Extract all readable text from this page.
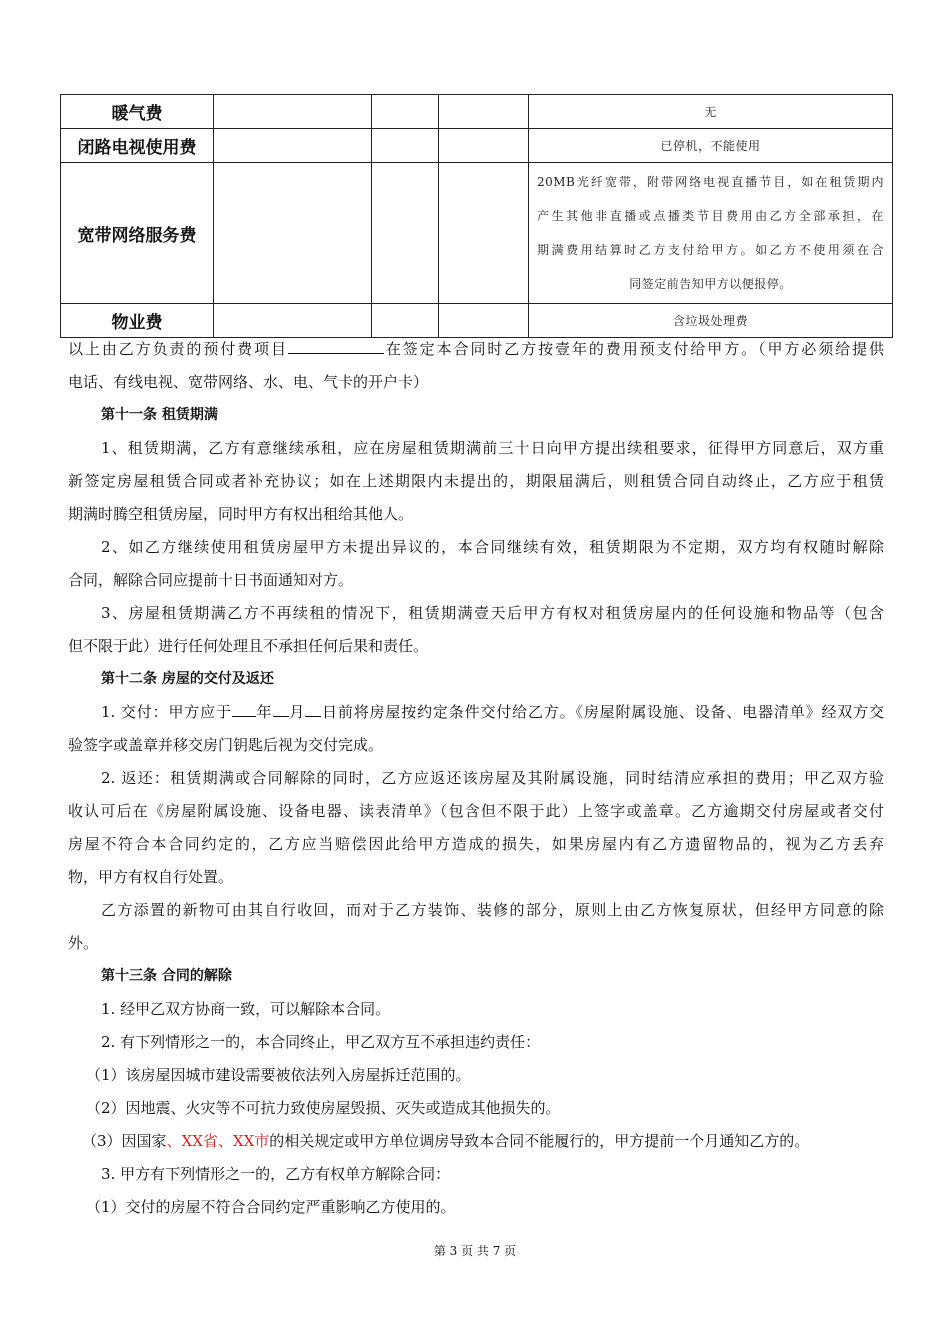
暖气费				无
闭路电视使用费				已停机，不能使用
宽带网络服务费				20MB光纤宽带，附带网络电视直播节目，如在租赁期内
产生其他非直播或点播类节目费用由乙方全部承担，在
期满费用结算时乙方支付给甲方。如乙方不使用须在合
同签定前告知甲方以便报停。

物业费				含垃圾处理费
以上由乙方负责的预付费项目	在签定本合同时乙方按壹年的费用预支付给甲方。（甲方必须给提供
电话、有线电视、宽带网络、水、电、气卡的开户卡）
第十一条 租赁期满
1、租赁期满，乙方有意继续承租，应在房屋租赁期满前三十日向甲方提出续租要求，征得甲方同意后，双方重
新签定房屋租赁合同或者补充协议；如在上述期限内未提出的，期限届满后，则租赁合同自动终止，乙方应于租赁
期满时腾空租赁房屋，同时甲方有权出租给其他人。
2、如乙方继续使用租赁房屋甲方未提出异议的，本合同继续有效，租赁期限为不定期，双方均有权随时解除
合同，解除合同应提前十日书面通知对方。
3、房屋租赁期满乙方不再续租的情况下，租赁期满壹天后甲方有权对租赁房屋内的任何设施和物品等（包含
但不限于此）进行任何处理且不承担任何后果和责任。
第十二条 房屋的交付及返还
1. 交付：甲方应于 年 月 日前将房屋按约定条件交付给乙方。《房屋附属设施、设备、电器清单》经双方交
验签字或盖章并移交房门钥匙后视为交付完成。
2. 返还：租赁期满或合同解除的同时，乙方应返还该房屋及其附属设施，同时结清应承担的费用；甲乙双方验
收认可后在《房屋附属设施、设备电器、读表清单》（包含但不限于此）上签字或盖章。乙方逾期交付房屋或者交付
房屋不符合本合同约定的，乙方应当赔偿因此给甲方造成的损失，如果房屋内有乙方遗留物品的，视为乙方丢弃
物，甲方有权自行处置。
乙方添置的新物可由其自行收回，而对于乙方装饰、装修的部分，原则上由乙方恢复原状，但经甲方同意的除
外。
第十三条 合同的解除
1. 经甲乙双方协商一致，可以解除本合同。
2. 有下列情形之一的，本合同终止，甲乙双方互不承担违约责任：
（1）该房屋因城市建设需要被依法列入房屋拆迁范围的。
（2）因地震、火灾等不可抗力致使房屋毁损、灭失或造成其他损失的。
（3）因国家、XX省、XX市的相关规定或甲方单位调房导致本合同不能履行的，甲方提前一个月通知乙方的。
3. 甲方有下列情形之一的，乙方有权单方解除合同：
（1）交付的房屋不符合合同约定严重影响乙方使用的。
第 3 页 共 7 页
